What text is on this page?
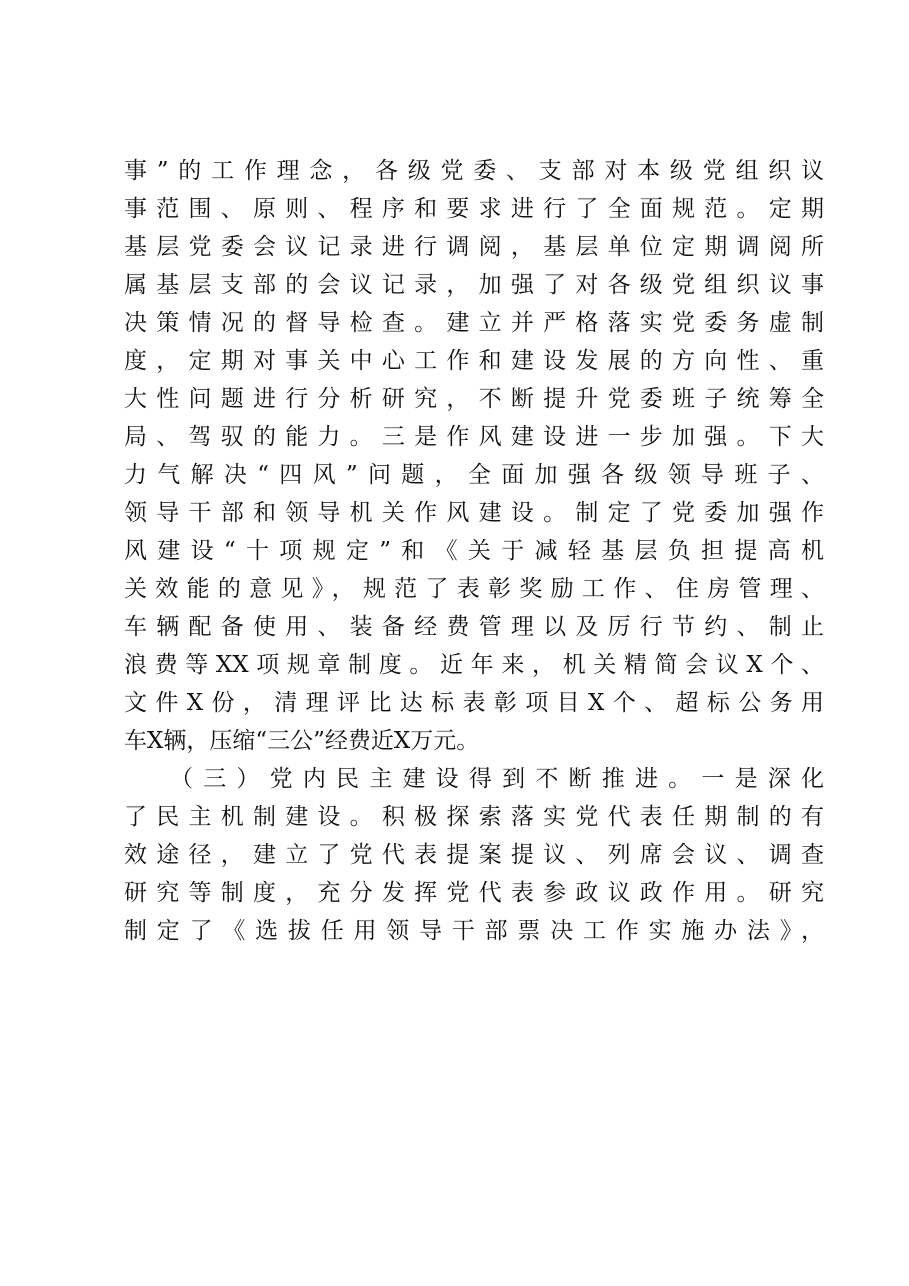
事”的工作理念，各级党委、支部对本级党组织议
事范围、原则、程序和要求进行了全面规范。定期
基层党委会议记录进行调阅，基层单位定期调阅所
属基层支部的会议记录，加强了对各级党组织议事
决策情况的督导检查。建立并严格落实党委务虚制
度，定期对事关中心工作和建设发展的方向性、重
大性问题进行分析研究，不断提升党委班子统筹全
局、驾驭的能力。三是作风建设进一步加强。下大
力气解决“四风”问题，全面加强各级领导班子、
领导干部和领导机关作风建设。制定了党委加强作
风建设“十项规定”和《关于减轻基层负担提高机
关效能的意见》，规范了表彰奖励工作、住房管理、
车辆配备使用、装备经费管理以及厉行节约、制止
浪费等XX项规章制度。近年来，机关精简会议X个、
文件X份，清理评比达标表彰项目X个、超标公务用
车X辆，压缩“三公”经费近X万元。
（三）党内民主建设得到不断推进。一是深化
了民主机制建设。积极探索落实党代表任期制的有
效途径，建立了党代表提案提议、列席会议、调查
研究等制度，充分发挥党代表参政议政作用。研究
制定了《选拔任用领导干部票决工作实施办法》，
